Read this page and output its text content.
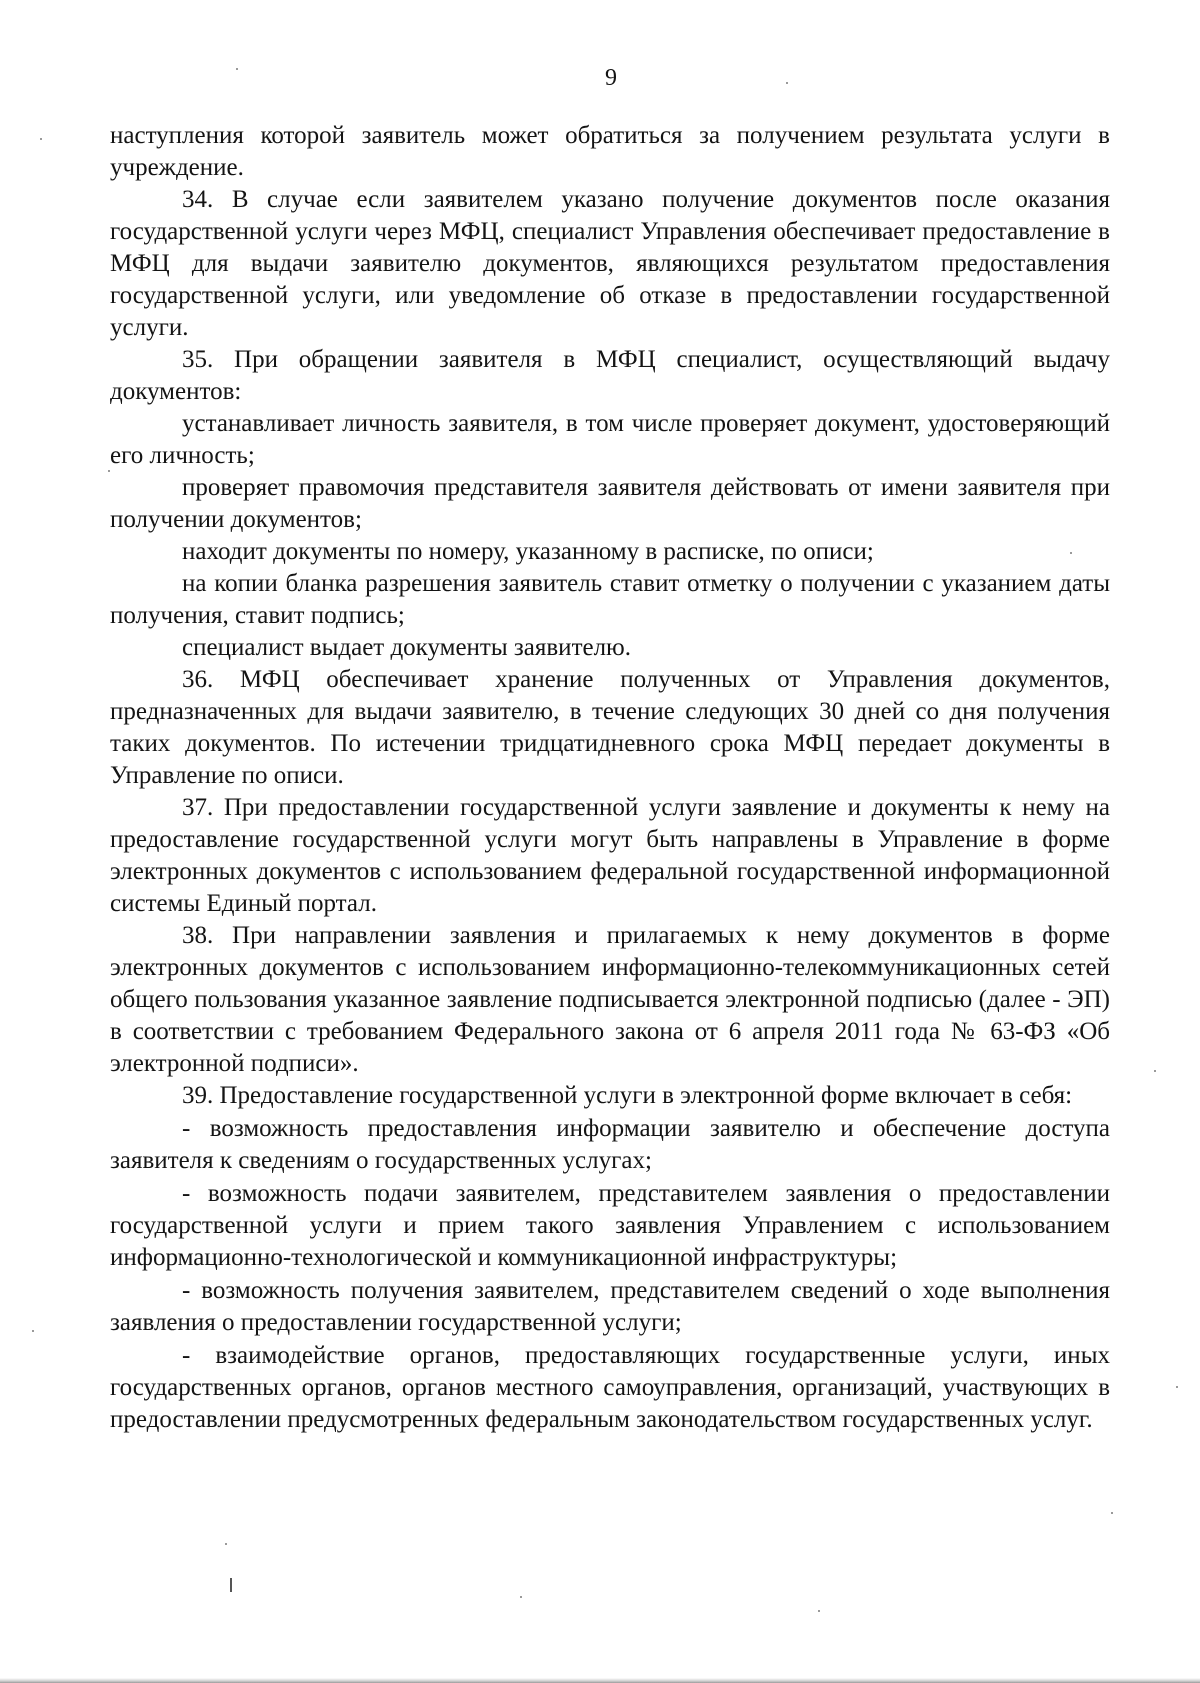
9

наступления которой заявитель может обратиться за получением результата услуги в учреждение.

34. В случае если заявителем указано получение документов после оказания государственной услуги через МФЦ, специалист Управления обеспечивает предоставление в МФЦ для выдачи заявителю документов, являющихся результатом предоставления государственной услуги, или уведомление об отказе в предоставлении государственной услуги.

35. При обращении заявителя в МФЦ специалист, осуществляющий выдачу документов:

устанавливает личность заявителя, в том числе проверяет документ, удостоверяющий его личность;

проверяет правомочия представителя заявителя действовать от имени заявителя при получении документов;

находит документы по номеру, указанному в расписке, по описи;

на копии бланка разрешения заявитель ставит отметку о получении с указанием даты получения, ставит подпись;

специалист выдает документы заявителю.

36. МФЦ обеспечивает хранение полученных от Управления документов, предназначенных для выдачи заявителю, в течение следующих 30 дней со дня получения таких документов. По истечении тридцатидневного срока МФЦ передает документы в Управление по описи.

37. При предоставлении государственной услуги заявление и документы к нему на предоставление государственной услуги могут быть направлены в Управление в форме электронных документов с использованием федеральной государственной информационной системы Единый портал.

38. При направлении заявления и прилагаемых к нему документов в форме электронных документов с использованием информационно-телекоммуникационных сетей общего пользования указанное заявление подписывается электронной подписью (далее - ЭП) в соответствии с требованием Федерального закона от 6 апреля 2011 года № 63-ФЗ «Об электронной подписи».

39. Предоставление государственной услуги в электронной форме включает в себя:

- возможность предоставления информации заявителю и обеспечение доступа заявителя к сведениям о государственных услугах;

- возможность подачи заявителем, представителем заявления о предоставлении государственной услуги и прием такого заявления Управлением с использованием информационно-технологической и коммуникационной инфраструктуры;

- возможность получения заявителем, представителем сведений о ходе выполнения заявления о предоставлении государственной услуги;

- взаимодействие органов, предоставляющих государственные услуги, иных государственных органов, органов местного самоуправления, организаций, участвующих в предоставлении предусмотренных федеральным законодательством государственных услуг.
